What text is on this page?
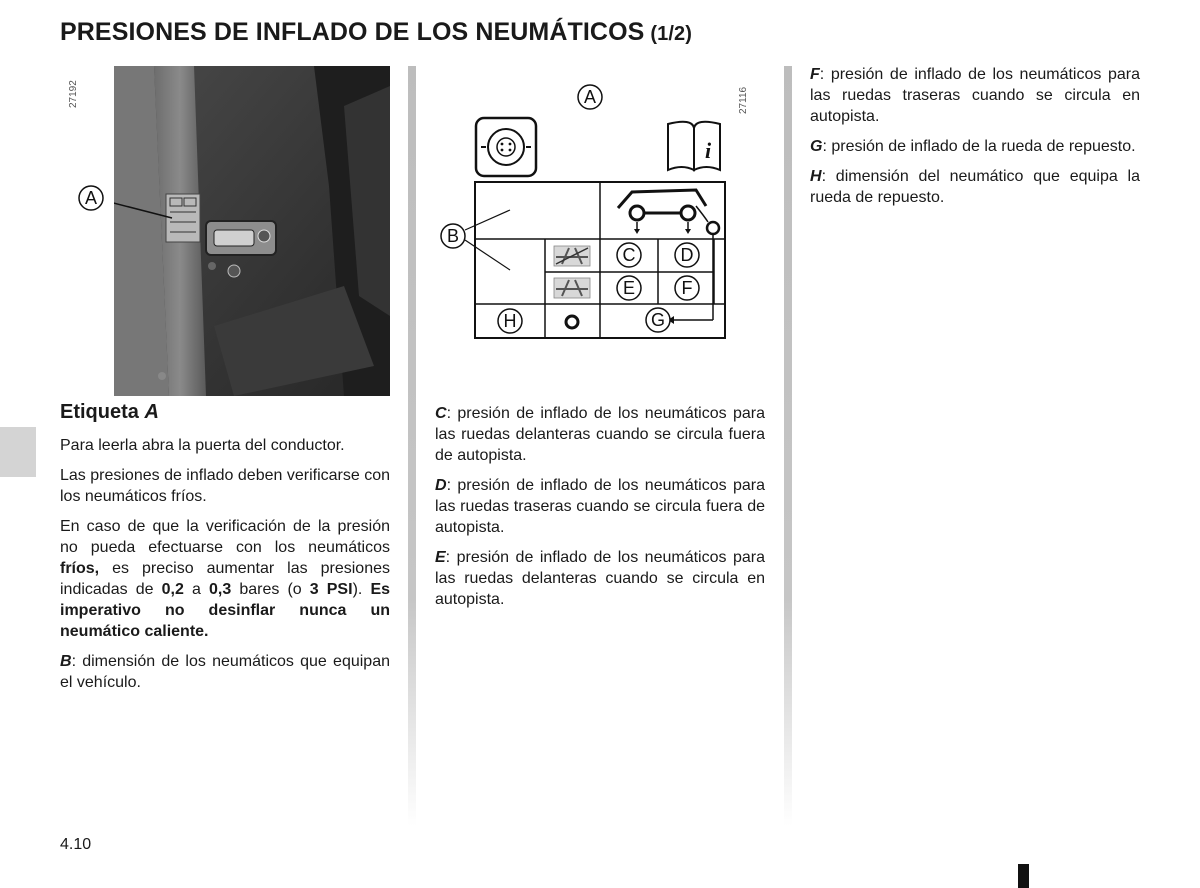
PRESIONES DE INFLADO DE LOS NEUMÁTICOS (1/2)
27192
A
27116
A
i
B
C	D
E	F
H	G
Etiqueta A

Para leerla abra la puerta del conductor.

Las presiones de inflado deben verificarse con los neumáticos fríos.

En caso de que la verificación de la presión no pueda efectuarse con los neumáticos fríos, es preciso aumentar las presiones indicadas de 0,2 a 0,3 bares (o 3 PSI). Es imperativo no desinflar nunca un neumático caliente.

B: dimensión de los neumáticos que equipan el vehículo.

C: presión de inflado de los neumáticos para las ruedas delanteras cuando se circula fuera de autopista.

D: presión de inflado de los neumáticos para las ruedas traseras cuando se circula fuera de autopista.

E: presión de inflado de los neumáticos para las ruedas delanteras cuando se circula en autopista.

F: presión de inflado de los neumáticos para las ruedas traseras cuando se circula en autopista.

G: presión de inflado de la rueda de repuesto.

H: dimensión del neumático que equipa la rueda de repuesto.

4.10
